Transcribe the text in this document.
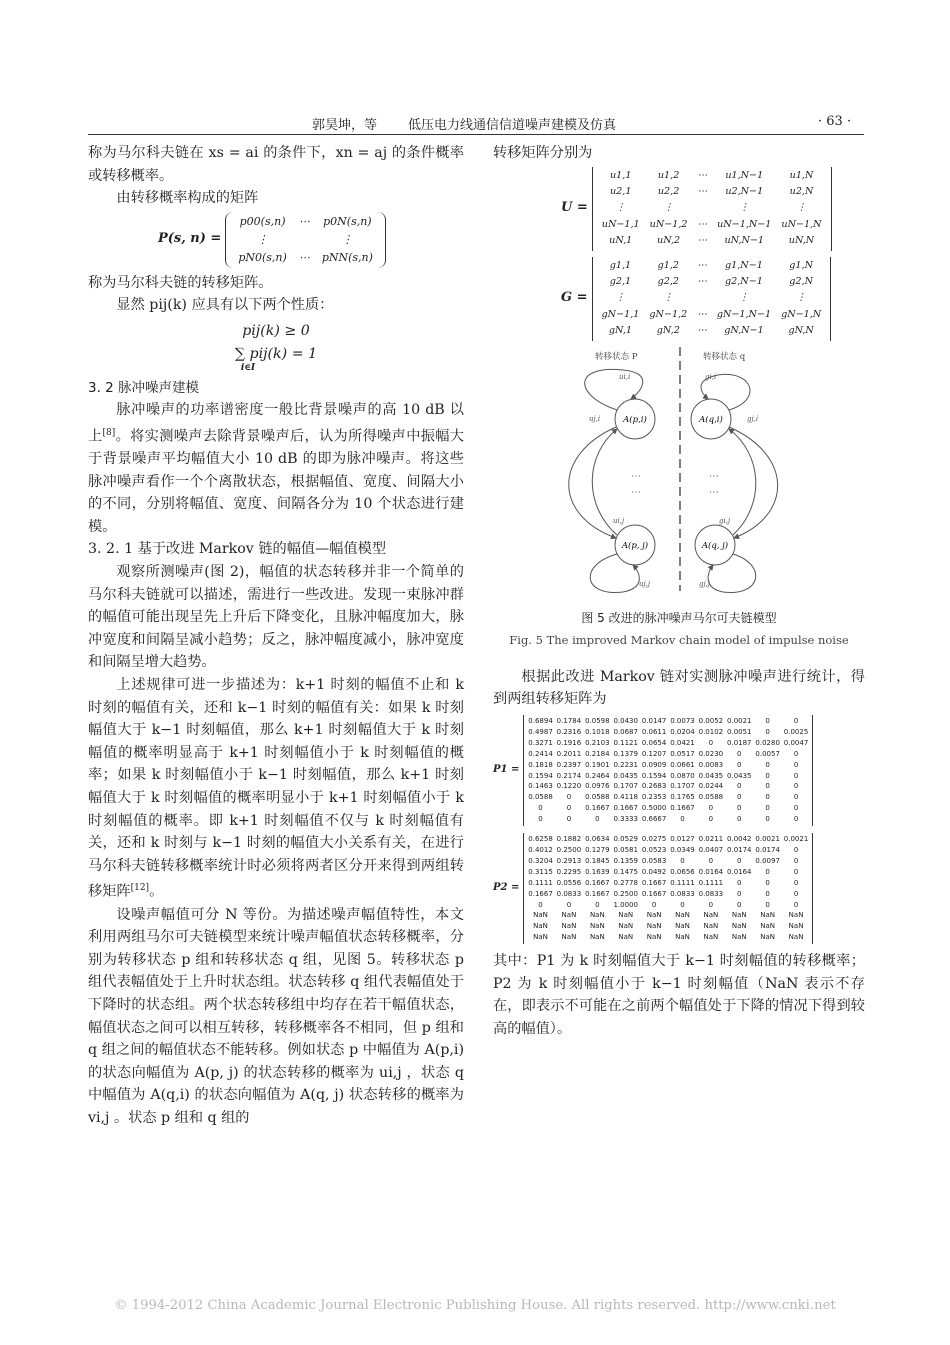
郭昊坤，等 低压电力线通信信道噪声建模及仿真	· 63 ·

称为马尔科夫链在 xs = ai 的条件下，xn = aj 的条件概率或转移概率。

由转移概率构成的矩阵

P(s, n) =
p00(s,n)	⋯	p0N(s,n)
⋮		⋮
pN0(s,n)	⋯	pNN(s,n)

称为马尔科夫链的转移矩阵。

显然 pij(k) 应具有以下两个性质：

pij(k) ≥ 0
∑ pij(k) = 1
i∈I

3. 2 脉冲噪声建模

脉冲噪声的功率谱密度一般比背景噪声的高 10 dB 以上[8]。将实测噪声去除背景噪声后，认为所得噪声中振幅大于背景噪声平均幅值大小 10 dB 的即为脉冲噪声。将这些脉冲噪声看作一个个离散状态，根据幅值、宽度、间隔大小的不同，分别将幅值、宽度、间隔各分为 10 个状态进行建模。

3. 2. 1 基于改进 Markov 链的幅值—幅值模型

观察所测噪声(图 2)，幅值的状态转移并非一个简单的马尔科夫链就可以描述，需进行一些改进。发现一束脉冲群的幅值可能出现呈先上升后下降变化，且脉冲幅度加大，脉冲宽度和间隔呈减小趋势；反之，脉冲幅度减小，脉冲宽度和间隔呈增大趋势。

上述规律可进一步描述为：k+1 时刻的幅值不止和 k 时刻的幅值有关，还和 k−1 时刻的幅值有关：如果 k 时刻幅值大于 k−1 时刻幅值，那么 k+1 时刻幅值大于 k 时刻幅值的概率明显高于 k+1 时刻幅值小于 k 时刻幅值的概率；如果 k 时刻幅值小于 k−1 时刻幅值，那么 k+1 时刻幅值大于 k 时刻幅值的概率明显小于 k+1 时刻幅值小于 k 时刻幅值的概率。即 k+1 时刻幅值不仅与 k 时刻幅值有关，还和 k 时刻与 k−1 时刻的幅值大小关系有关，在进行马尔科夫链转移概率统计时必须将两者区分开来得到两组转移矩阵[12]。

设噪声幅值可分 N 等份。为描述噪声幅值特性，本文利用两组马尔可夫链模型来统计噪声幅值状态转移概率，分别为转移状态 p 组和转移状态 q 组，见图 5。转移状态 p 组代表幅值处于上升时状态组。状态转移 q 组代表幅值处于下降时的状态组。两个状态转移组中均存在若干幅值状态，幅值状态之间可以相互转移，转移概率各不相同，但 p 组和 q 组之间的幅值状态不能转移。例如状态 p 中幅值为 A(p,i) 的状态向幅值为 A(p, j) 的状态转移的概率为 ui,j ，状态 q 中幅值为 A(q,i) 的状态向幅值为 A(q, j) 状态转移的概率为 vi,j 。状态 p 组和 q 组的

转移矩阵分别为

U =
u1,1	u1,2	⋯	u1,N−1	u1,N
u2,1	u2,2	⋯	u2,N−1	u2,N
⋮	⋮		⋮	⋮
uN−1,1	uN−1,2	⋯	uN−1,N−1	uN−1,N
uN,1	uN,2	⋯	uN,N−1	uN,N
G =
g1,1	g1,2	⋯	g1,N−1	g1,N
g2,1	g2,2	⋯	g2,N−1	g2,N
⋮	⋮		⋮	⋮
gN−1,1	gN−1,2	⋯	gN−1,N−1	gN−1,N
gN,1	gN,2	⋯	gN,N−1	gN,N
转移状态 P	转移状态 q
A(p,i)	A(q,i)
A(p, j)	A(q, j)
ui,i	gi,i
uj,i	gj,i
ui,j	gi,j
uj,j	gj,j
⋯
⋯
⋯
⋯
图 5 改进的脉冲噪声马尔可夫链模型
Fig. 5 The improved Markov chain model of impulse noise

根据此改进 Markov 链对实测脉冲噪声进行统计，得到两组转移矩阵为

P1 =
0.6894	0.1784	0.0598	0.0430	0.0147	0.0073	0.0052	0.0021	0	0
0.4987	0.2316	0.1018	0.0687	0.0611	0.0204	0.0102	0.0051	0	0.0025
0.3271	0.1916	0.2103	0.1121	0.0654	0.0421	0	0.0187	0.0280	0.0047
0.2414	0.2011	0.2184	0.1379	0.1207	0.0517	0.0230	0	0.0057	0
0.1818	0.2397	0.1901	0.2231	0.0909	0.0661	0.0083	0	0	0
0.1594	0.2174	0.2464	0.0435	0.1594	0.0870	0.0435	0.0435	0	0
0.1463	0.1220	0.0976	0.1707	0.2683	0.1707	0.0244	0	0	0
0.0588	0	0.0588	0.4118	0.2353	0.1765	0.0588	0	0	0
0	0	0.1667	0.1667	0.5000	0.1667	0	0	0	0
0	0	0	0.3333	0.6667	0	0	0	0	0
P2 =
0.6258	0.1882	0.0634	0.0529	0.0275	0.0127	0.0211	0.0042	0.0021	0.0021
0.4012	0.2500	0.1279	0.0581	0.0523	0.0349	0.0407	0.0174	0.0174	0
0.3204	0.2913	0.1845	0.1359	0.0583	0	0	0	0.0097	0
0.3115	0.2295	0.1639	0.1475	0.0492	0.0656	0.0164	0.0164	0	0
0.1111	0.0556	0.1667	0.2778	0.1667	0.1111	0.1111	0	0	0
0.1667	0.0833	0.1667	0.2500	0.1667	0.0833	0.0833	0	0	0
0	0	0	1.0000	0	0	0	0	0	0
NaN	NaN	NaN	NaN	NaN	NaN	NaN	NaN	NaN	NaN
NaN	NaN	NaN	NaN	NaN	NaN	NaN	NaN	NaN	NaN
NaN	NaN	NaN	NaN	NaN	NaN	NaN	NaN	NaN	NaN

其中：P1 为 k 时刻幅值大于 k−1 时刻幅值的转移概率；P2 为 k 时刻幅值小于 k−1 时刻幅值（NaN 表示不存在，即表示不可能在之前两个幅值处于下降的情况下得到较高的幅值）。

© 1994-2012 China Academic Journal Electronic Publishing House. All rights reserved. http://www.cnki.net
